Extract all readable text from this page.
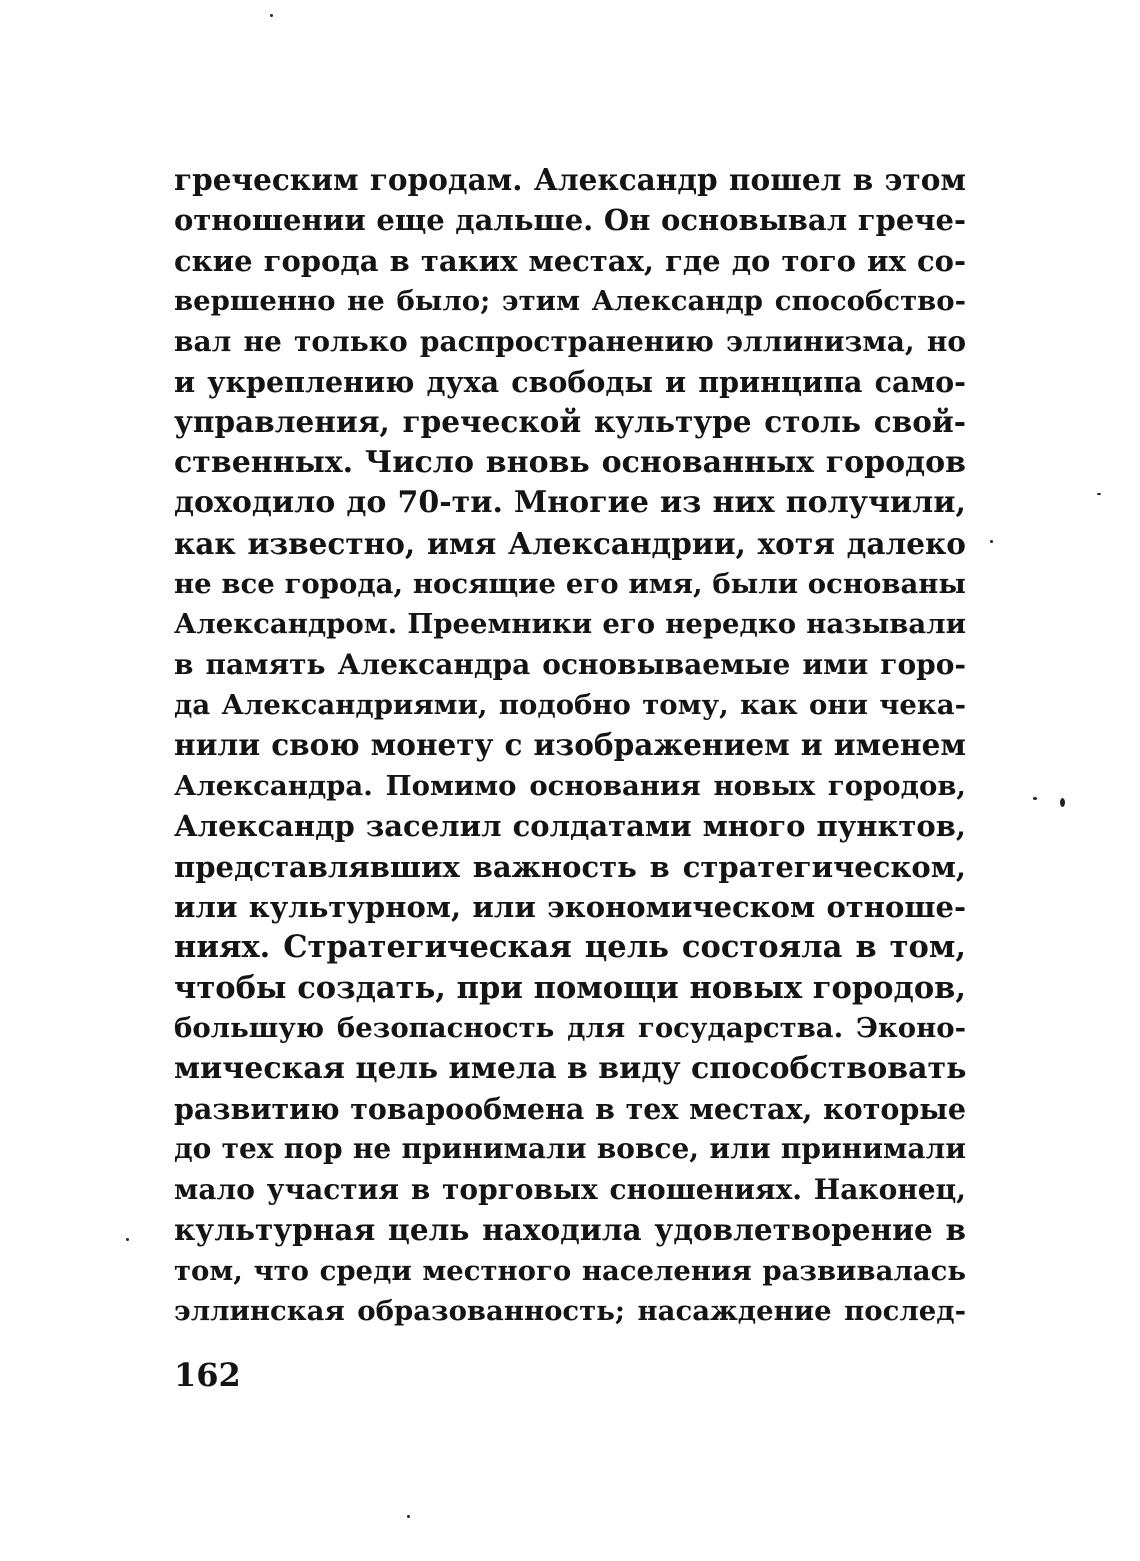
греческим городам. Александр пошел в этом
отношении еще дальше. Он основывал грече-
ские города в таких местах, где до того их со-
вершенно не было; этим Александр способство-
вал не только распространению эллинизма, но
и укреплению духа свободы и принципа само-
управления, греческой культуре столь свой-
ственных. Число вновь основанных городов
доходило до 70-ти. Многие из них получили,
как известно, имя Александрии, хотя далеко
не все города, носящие его имя, были основаны
Александром. Преемники его нередко называли
в память Александра основываемые ими горо-
да Александриями, подобно тому, как они чека-
нили свою монету с изображением и именем
Александра. Помимо основания новых городов,
Александр заселил солдатами много пунктов,
представлявших важность в стратегическом,
или культурном, или экономическом отноше-
ниях. Стратегическая цель состояла в том,
чтобы создать, при помощи новых городов,
большую безопасность для государства. Эконо-
мическая цель имела в виду способствовать
развитию товарообмена в тех местах, которые
до тех пор не принимали вовсе, или принимали
мало участия в торговых сношениях. Наконец,
культурная цель находила удовлетворение в
том, что среди местного населения развивалась
эллинская образованность; насаждение послед-
162
